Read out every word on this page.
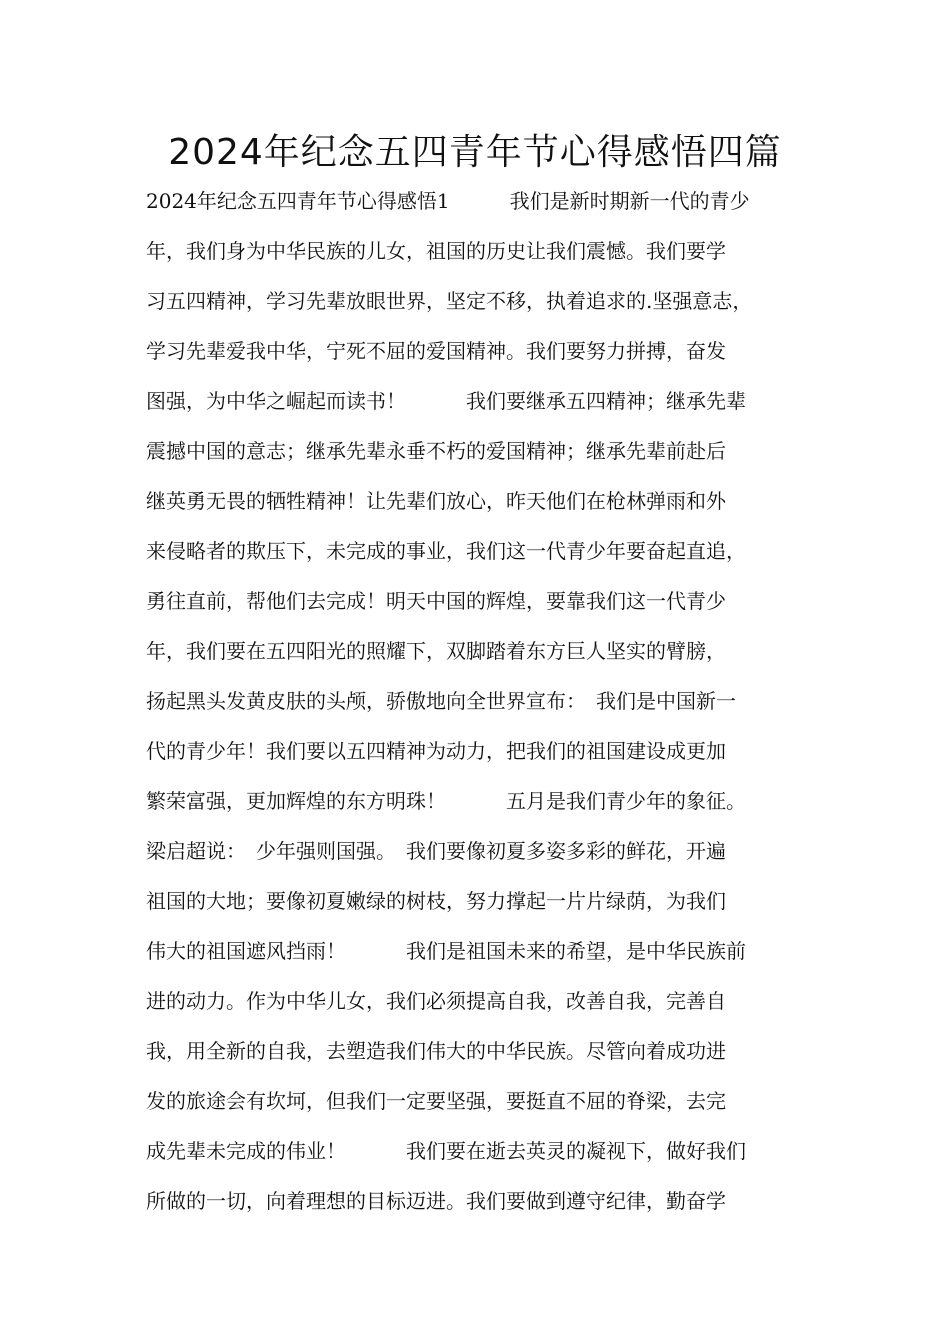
2024年纪念五四青年节心得感悟四篇
2024年纪念五四青年节心得感悟1　　　我们是新时期新一代的青少
年，我们身为中华民族的儿女，祖国的历史让我们震憾。我们要学
习五四精神，学习先辈放眼世界，坚定不移，执着追求的.坚强意志，
学习先辈爱我中华，宁死不屈的爱国精神。我们要努力拼搏，奋发
图强，为中华之崛起而读书！　　　我们要继承五四精神；继承先辈
震撼中国的意志；继承先辈永垂不朽的爱国精神；继承先辈前赴后
继英勇无畏的牺牲精神！让先辈们放心，昨天他们在枪林弹雨和外
来侵略者的欺压下，未完成的事业，我们这一代青少年要奋起直追，
勇往直前，帮他们去完成！明天中国的辉煌，要靠我们这一代青少
年，我们要在五四阳光的照耀下，双脚踏着东方巨人坚实的臂膀，
扬起黑头发黄皮肤的头颅，骄傲地向全世界宣布：　我们是中国新一
代的青少年！我们要以五四精神为动力，把我们的祖国建设成更加
繁荣富强，更加辉煌的东方明珠！　　　五月是我们青少年的象征。
梁启超说：　少年强则国强。　我们要像初夏多姿多彩的鲜花，开遍
祖国的大地；要像初夏嫩绿的树枝，努力撑起一片片绿荫，为我们
伟大的祖国遮风挡雨！　　　我们是祖国未来的希望，是中华民族前
进的动力。作为中华儿女，我们必须提高自我，改善自我，完善自
我，用全新的自我，去塑造我们伟大的中华民族。尽管向着成功进
发的旅途会有坎坷，但我们一定要坚强，要挺直不屈的脊梁，去完
成先辈未完成的伟业！　　　我们要在逝去英灵的凝视下，做好我们
所做的一切，向着理想的目标迈进。我们要做到遵守纪律，勤奋学
